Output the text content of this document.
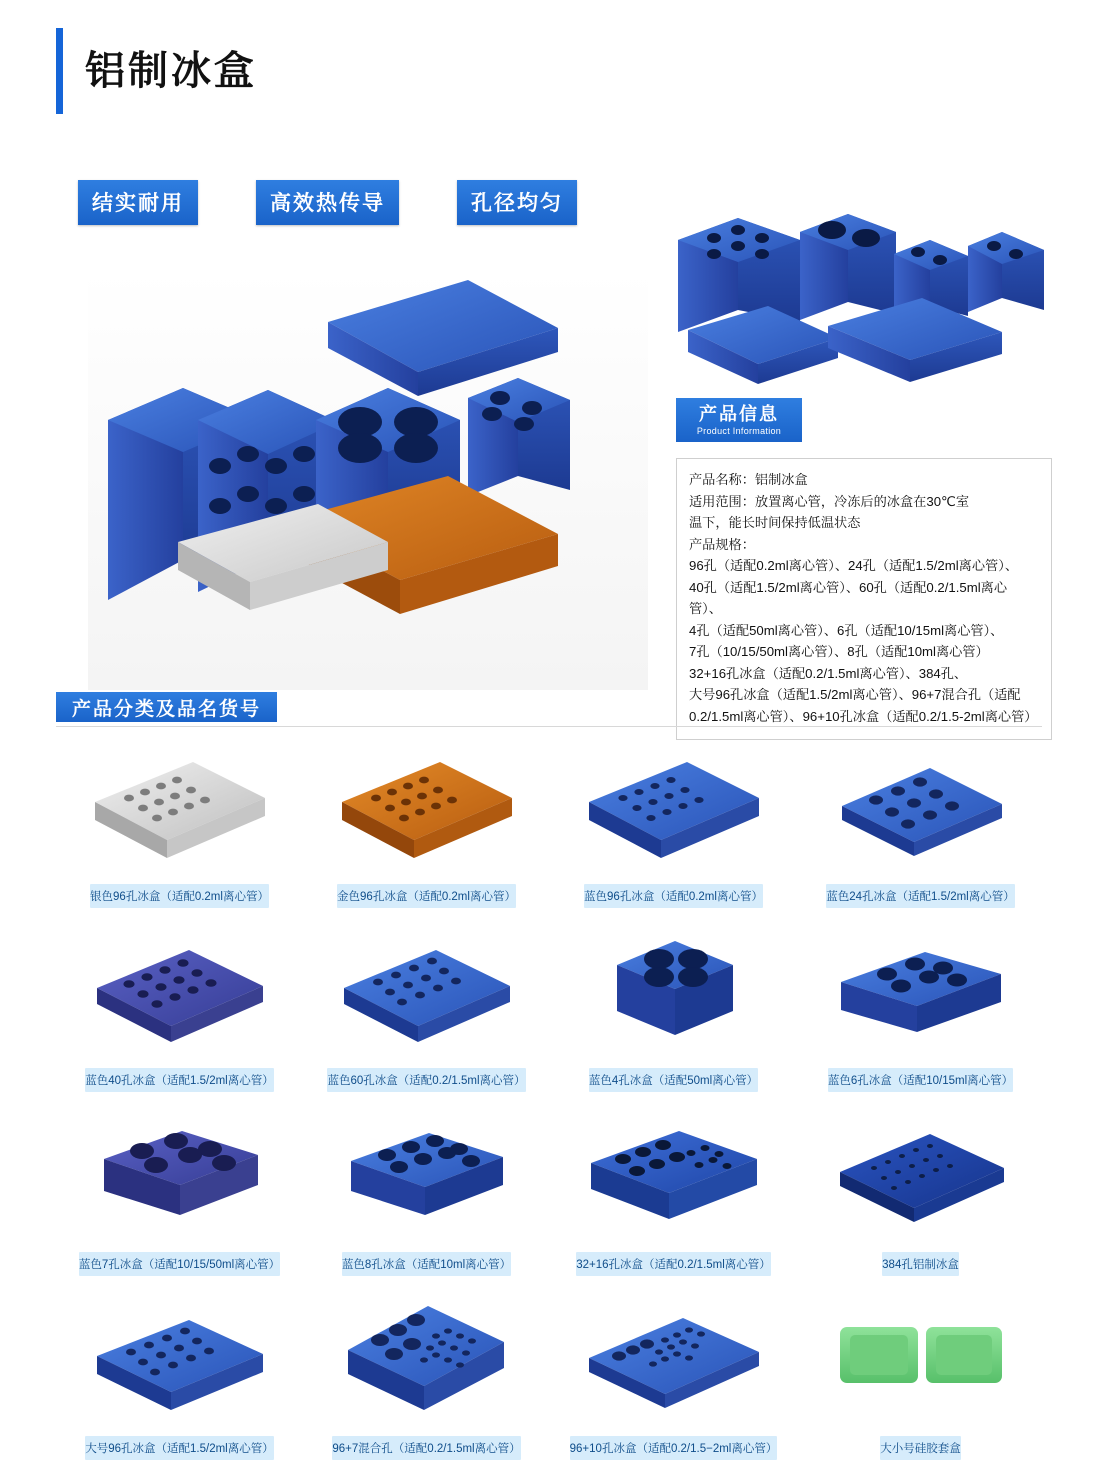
铝制冰盒
结实耐用	高效热传导	孔径均匀
产品信息
Product Information

产品名称：铝制冰盒

适用范围：放置离心管，冷冻后的冰盒在30℃室

温下，能长时间保持低温状态

产品规格：

96孔（适配0.2ml离心管）、24孔（适配1.5/2ml离心管）、

40孔（适配1.5/2ml离心管）、60孔（适配0.2/1.5ml离心管）、

4孔（适配50ml离心管）、6孔（适配10/15ml离心管）、

7孔（10/15/50ml离心管）、8孔（适配10ml离心管）

32+16孔冰盒（适配0.2/1.5ml离心管）、384孔、

大号96孔冰盒（适配1.5/2ml离心管）、96+7混合孔（适配

0.2/1.5ml离心管）、96+10孔冰盒（适配0.2/1.5-2ml离心管）

产品分类及品名货号
银色96孔冰盒（适配0.2ml离心管）	金色96孔冰盒（适配0.2ml离心管）	蓝色96孔冰盒（适配0.2ml离心管）	蓝色24孔冰盒（适配1.5/2ml离心管）
蓝色40孔冰盒（适配1.5/2ml离心管）	蓝色60孔冰盒（适配0.2/1.5ml离心管）	蓝色4孔冰盒（适配50ml离心管）	蓝色6孔冰盒（适配10/15ml离心管）
蓝色7孔冰盒（适配10/15/50ml离心管）	蓝色8孔冰盒（适配10ml离心管）	32+16孔冰盒（适配0.2/1.5ml离心管）	384孔铝制冰盒
大号96孔冰盒（适配1.5/2ml离心管）	96+7混合孔（适配0.2/1.5ml离心管）	96+10孔冰盒（适配0.2/1.5−2ml离心管）	大小号硅胶套盒
